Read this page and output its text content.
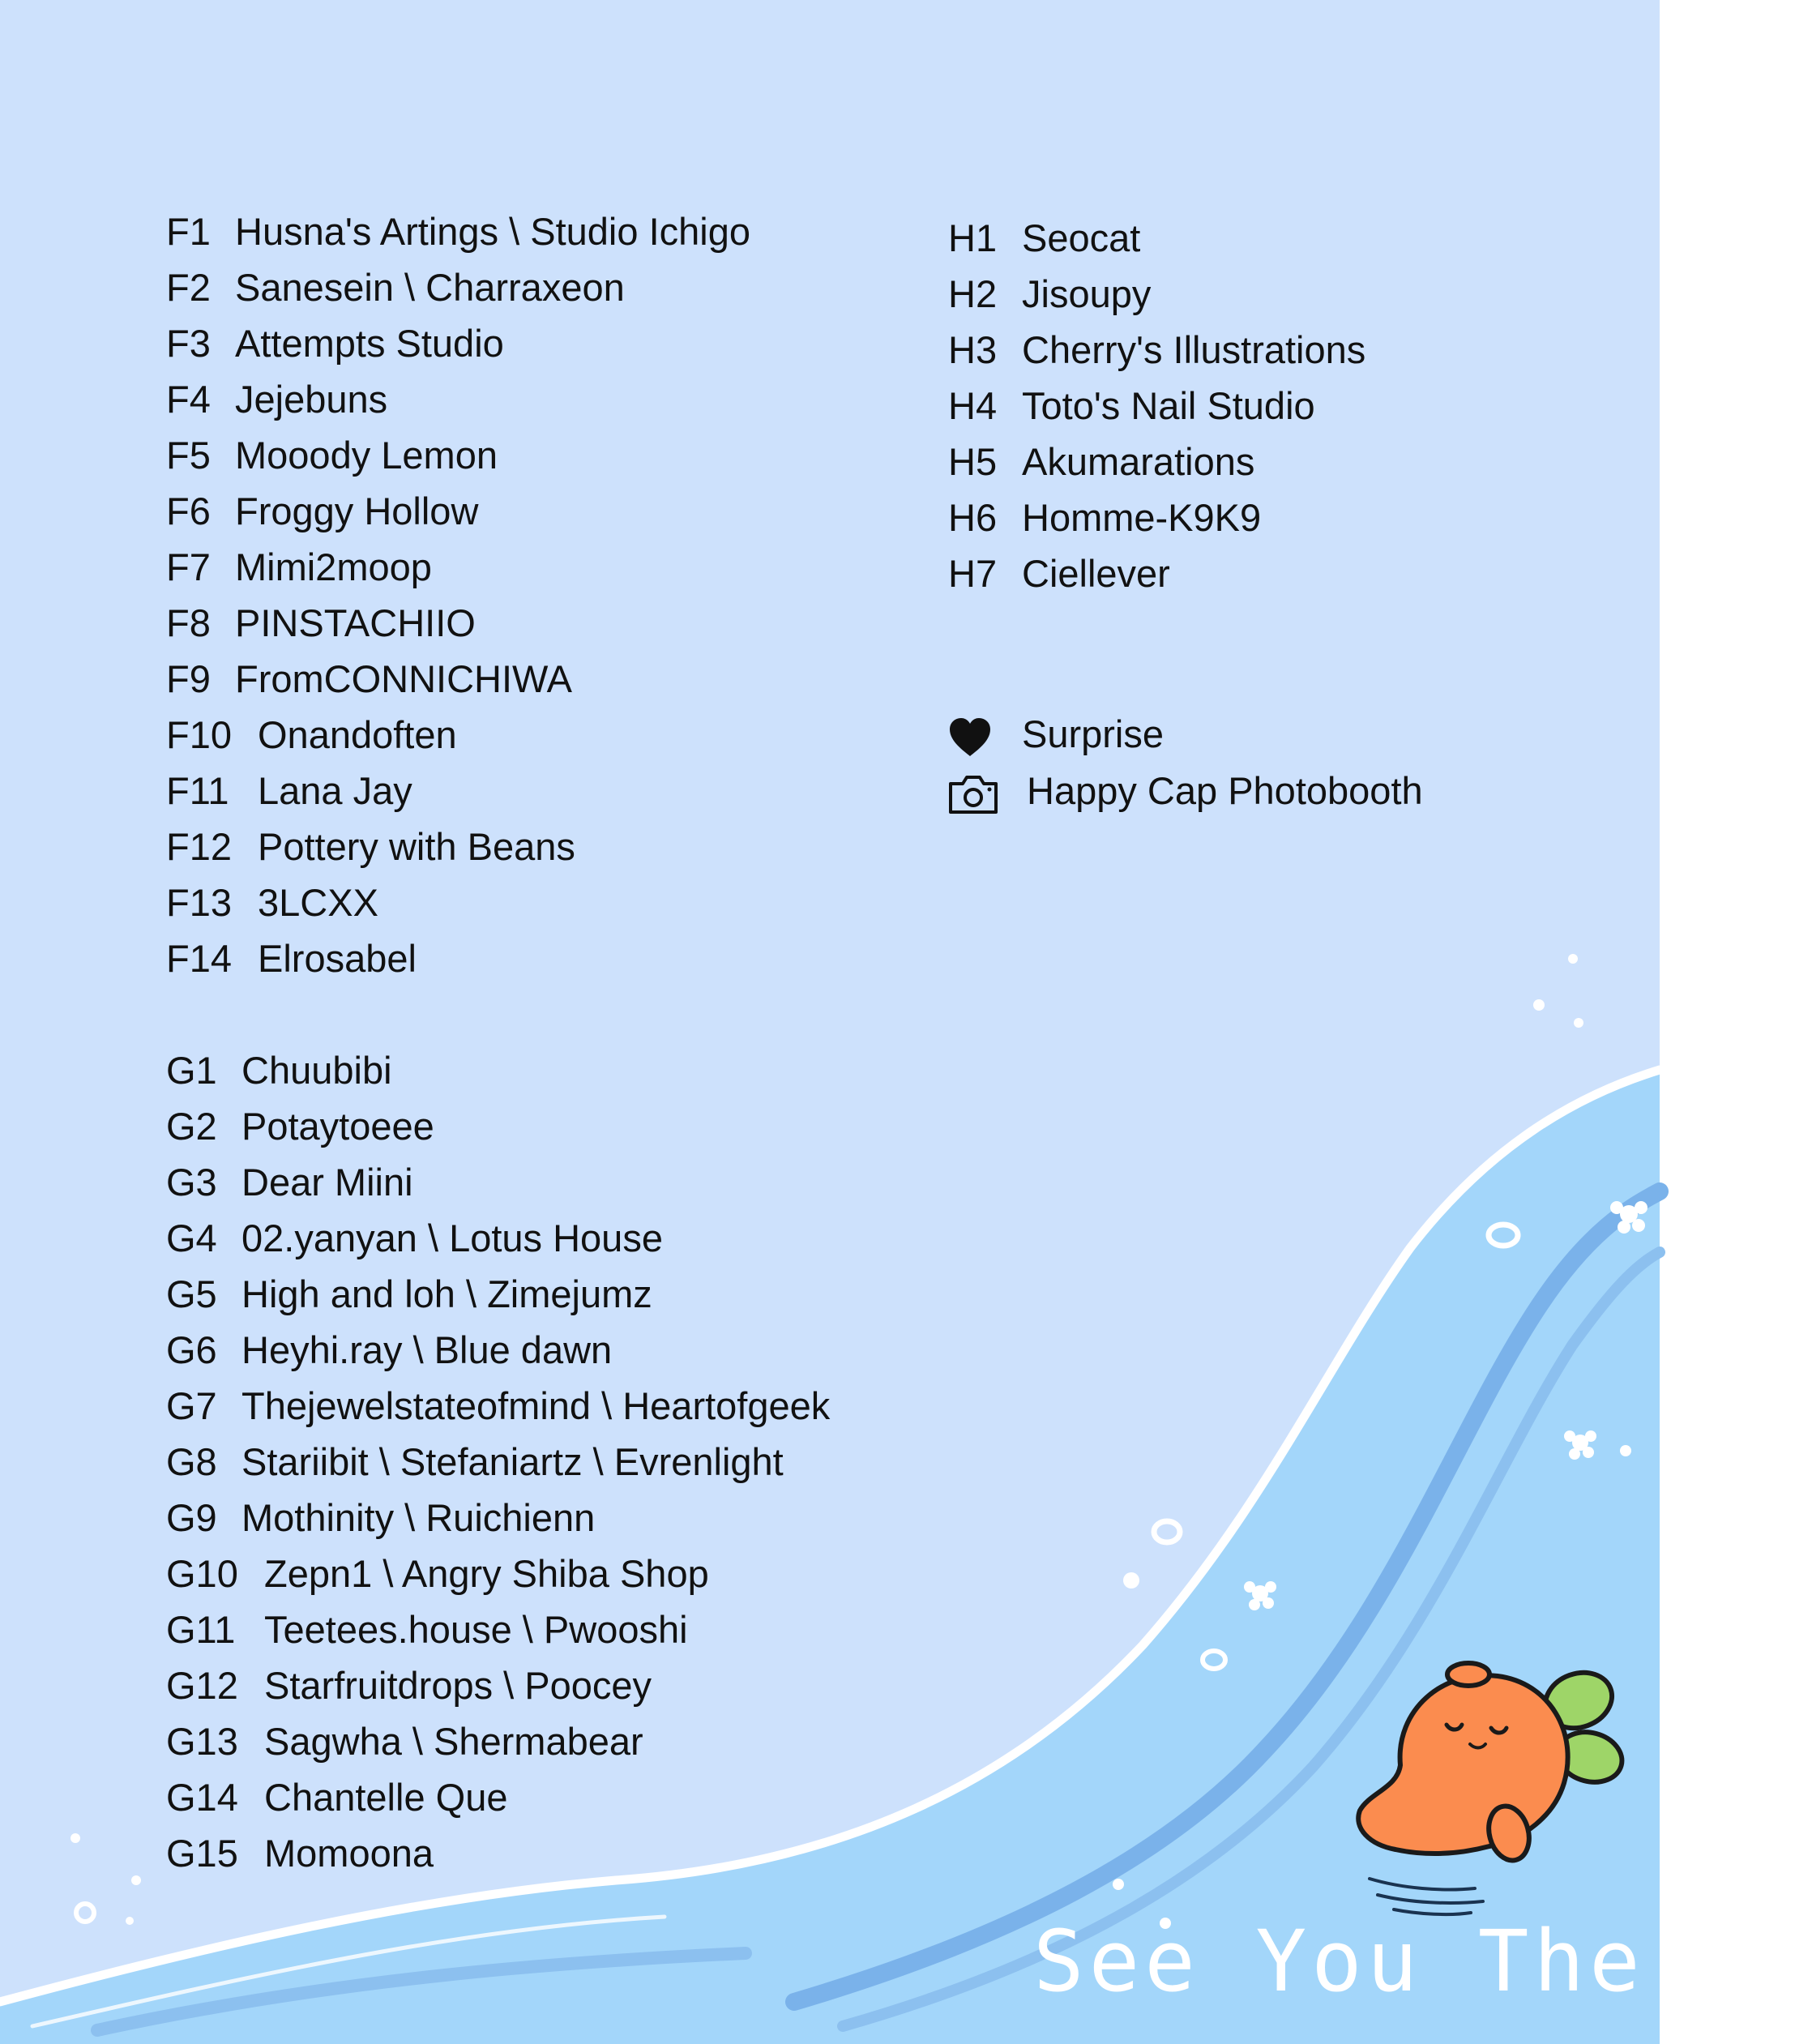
F1 Husna's Artings \ Studio Ichigo
F2 Sanesein \ Charraxeon
F3 Attempts Studio
F4 Jejebuns
F5 Mooody Lemon
F6 Froggy Hollow
F7 Mimi2moop
F8 PINSTACHIIO
F9 FromCONNICHIWA
F10 Onandoften
F11 Lana Jay
F12 Pottery with Beans
F13 3LCXX
F14 Elrosabel
G1 Chuubibi
G2 Potaytoeee
G3 Dear Miini
G4 02.yanyan \ Lotus House
G5 High and loh \ Zimejumz
G6 Heyhi.ray \ Blue dawn
G7 Thejewelstateofmind \ Heartofgeek
G8 Stariibit \ Stefaniartz \ Evrenlight
G9 Mothinity \ Ruichienn
G10 Zepn1 \ Angry Shiba Shop
G11 Teetees.house \ Pwooshi
G12 Starfruitdrops \ Poocey
G13 Sagwha \ Shermabear
G14 Chantelle Que
G15 Momoona
H1 Seocat
H2 Jisoupy
H3 Cherry's Illustrations
H4 Toto's Nail Studio
H5 Akumarations
H6 Homme-K9K9
H7 Ciellever
Surprise
Happy Cap Photobooth
See You There!
